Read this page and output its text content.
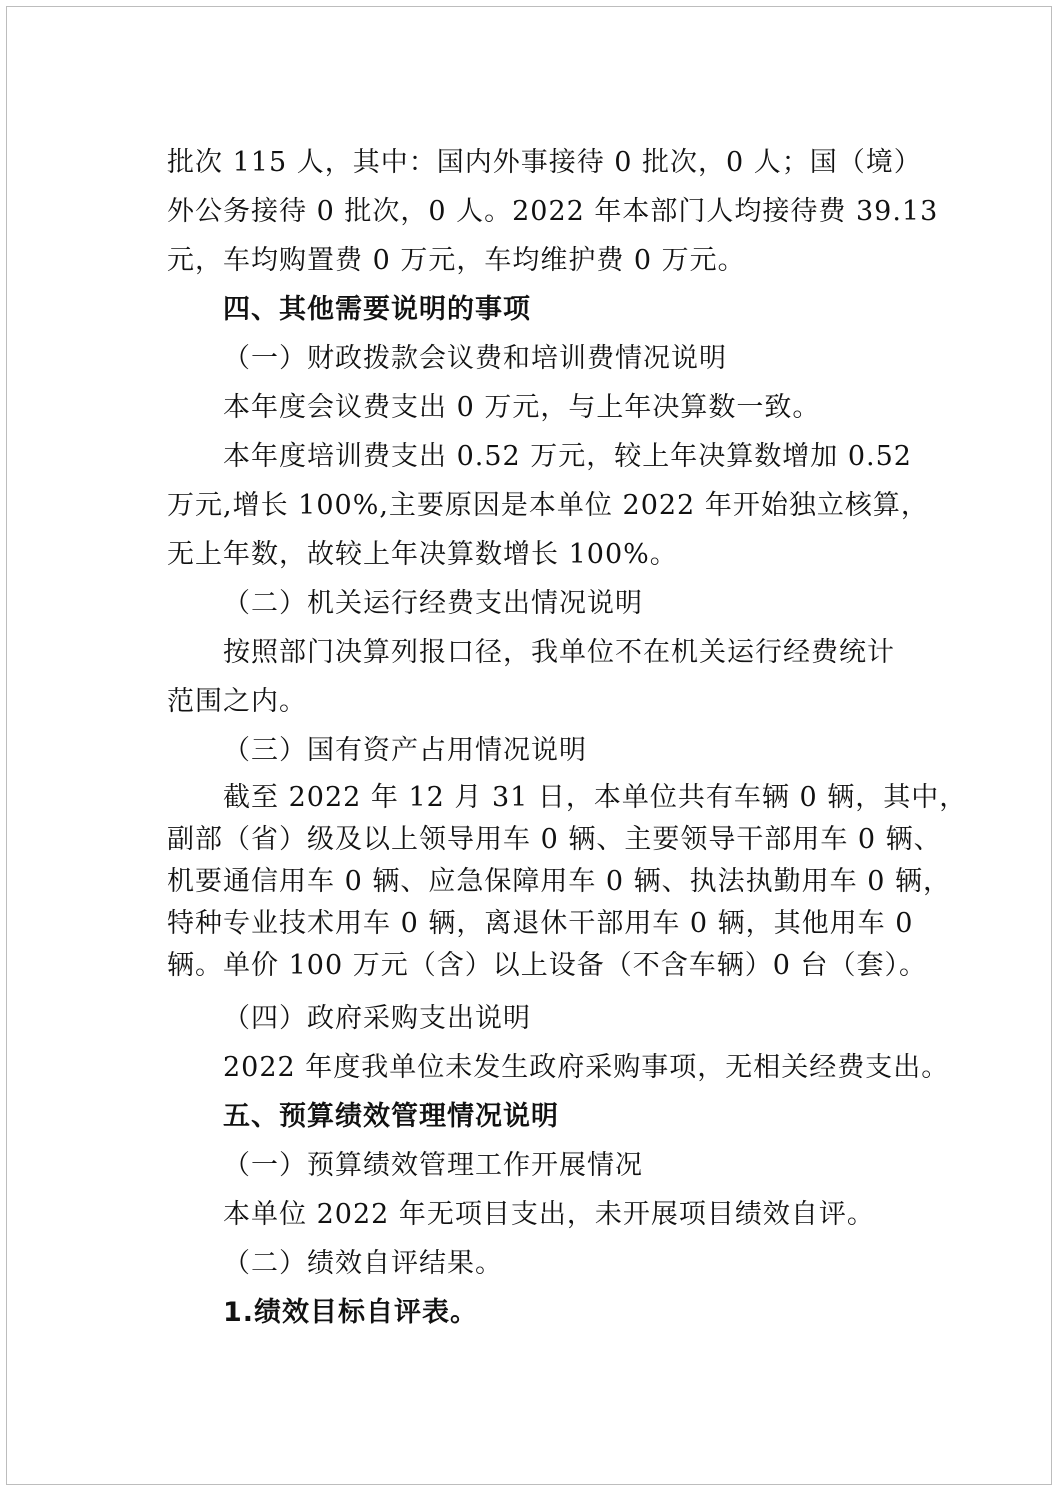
批次 115 人，其中：国内外事接待 0 批次，0 人；国（境）
外公务接待 0 批次，0 人。2022 年本部门人均接待费 39.13
元，车均购置费 0 万元，车均维护费 0 万元。
四、其他需要说明的事项
（一）财政拨款会议费和培训费情况说明
本年度会议费支出 0 万元，与上年决算数一致。
本年度培训费支出 0.52 万元，较上年决算数增加 0.52
万元,增长 100%,主要原因是本单位 2022 年开始独立核算，
无上年数，故较上年决算数增长 100%。
（二）机关运行经费支出情况说明
按照部门决算列报口径，我单位不在机关运行经费统计
范围之内。
（三）国有资产占用情况说明
截至 2022 年 12 月 31 日，本单位共有车辆 0 辆，其中，
副部（省）级及以上领导用车 0 辆、主要领导干部用车 0 辆、
机要通信用车 0 辆、应急保障用车 0 辆、执法执勤用车 0 辆，
特种专业技术用车 0 辆，离退休干部用车 0 辆，其他用车 0
辆。单价 100 万元（含）以上设备（不含车辆）0 台（套）。
（四）政府采购支出说明
2022 年度我单位未发生政府采购事项，无相关经费支出。
五、预算绩效管理情况说明
（一）预算绩效管理工作开展情况
本单位 2022 年无项目支出，未开展项目绩效自评。
（二）绩效自评结果。
1.绩效目标自评表。
